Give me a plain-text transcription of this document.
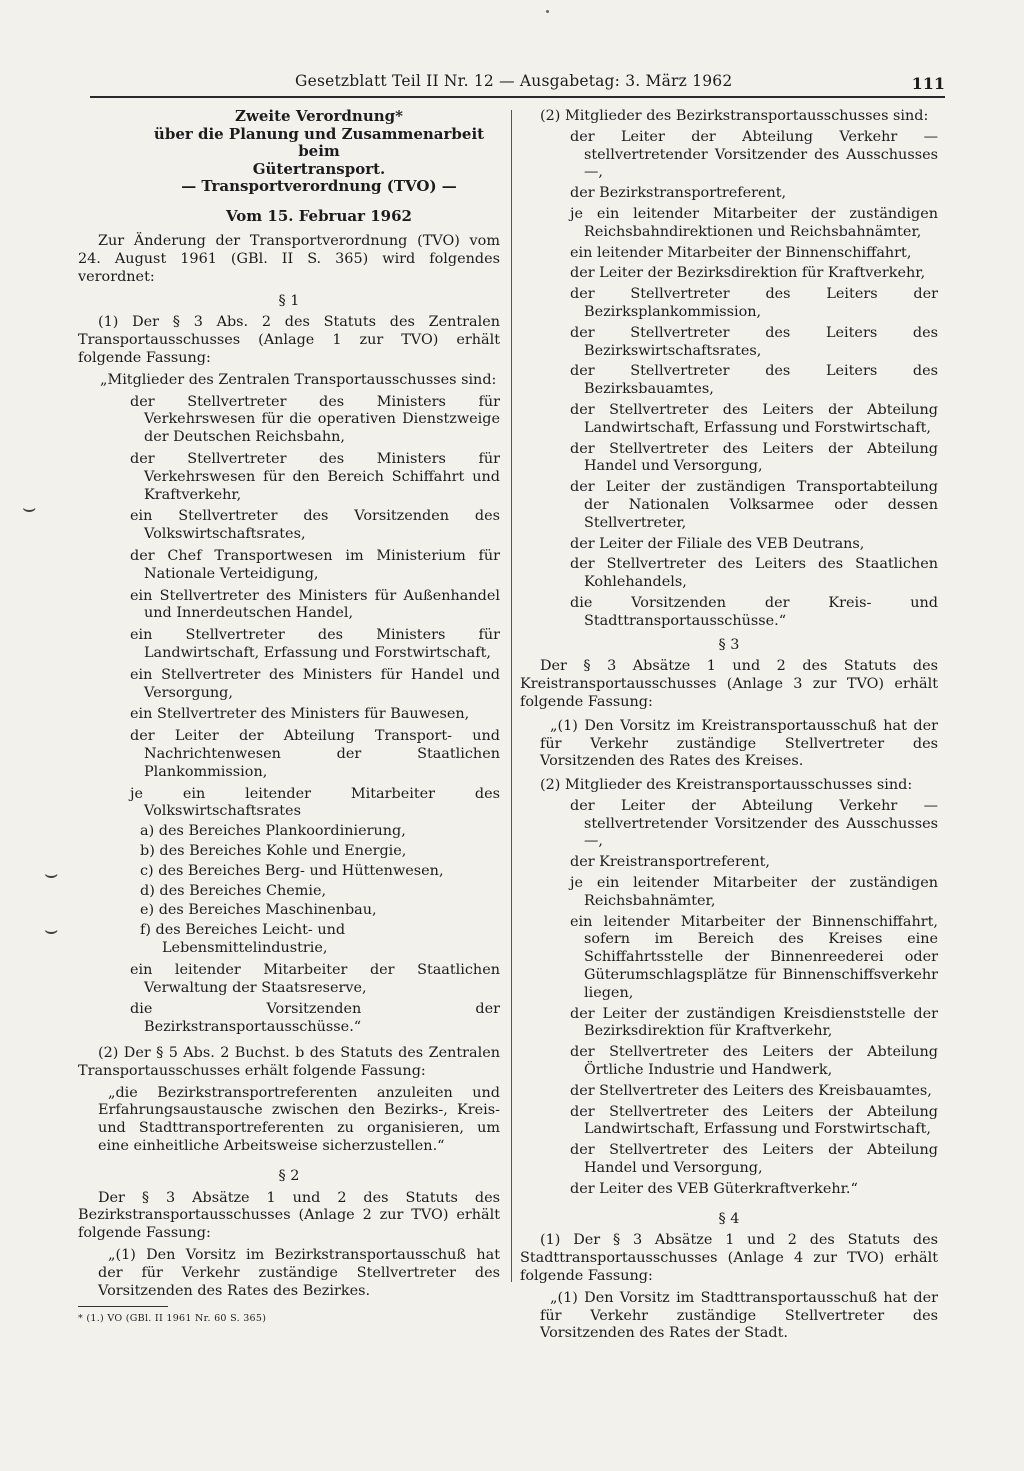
Gesetzblatt Teil II Nr. 12 — Ausgabetag: 3. März 1962	111
Zweite Verordnung*
über die Planung und Zusammenarbeit beim
Gütertransport.
— Transportverordnung (TVO) —

Vom 15. Februar 1962

Zur Änderung der Transportverordnung (TVO) vom 24. August 1961 (GBl. II S. 365) wird folgendes verordnet:

§ 1

(1) Der § 3 Abs. 2 des Statuts des Zentralen Transportausschusses (Anlage 1 zur TVO) erhält folgende Fassung:

„Mitglieder des Zentralen Transportausschusses sind:

der Stellvertreter des Ministers für Verkehrswesen für die operativen Dienstzweige der Deutschen Reichsbahn,

der Stellvertreter des Ministers für Verkehrswesen für den Bereich Schiffahrt und Kraftverkehr,

ein Stellvertreter des Vorsitzenden des Volkswirtschaftsrates,

der Chef Transportwesen im Ministerium für Nationale Verteidigung,

ein Stellvertreter des Ministers für Außenhandel und Innerdeutschen Handel,

ein Stellvertreter des Ministers für Landwirtschaft, Erfassung und Forstwirtschaft,

ein Stellvertreter des Ministers für Handel und Versorgung,

ein Stellvertreter des Ministers für Bauwesen,

der Leiter der Abteilung Transport- und Nachrichtenwesen der Staatlichen Plankommission,

je ein leitender Mitarbeiter des Volkswirtschaftsrates

a) des Bereiches Plankoordinierung,

b) des Bereiches Kohle und Energie,

c) des Bereiches Berg- und Hüttenwesen,

d) des Bereiches Chemie,

e) des Bereiches Maschinenbau,

f) des Bereiches Leicht- und Lebensmittelindustrie,

ein leitender Mitarbeiter der Staatlichen Verwaltung der Staatsreserve,

die Vorsitzenden der Bezirkstransportausschüsse.“

(2) Der § 5 Abs. 2 Buchst. b des Statuts des Zentralen Transportausschusses erhält folgende Fassung:

„die Bezirkstransportreferenten anzuleiten und Erfahrungsaustausche zwischen den Bezirks-, Kreis- und Stadttransportreferenten zu organisieren, um eine einheitliche Arbeitsweise sicherzustellen.“

§ 2

Der § 3 Absätze 1 und 2 des Statuts des Bezirkstransportausschusses (Anlage 2 zur TVO) erhält folgende Fassung:

„(1) Den Vorsitz im Bezirkstransportausschuß hat der für Verkehr zuständige Stellvertreter des Vorsitzenden des Rates des Bezirkes.

* (1.) VO (GBl. II 1961 Nr. 60 S. 365)

(2) Mitglieder des Bezirkstransportausschusses sind:

der Leiter der Abteilung Verkehr — stellvertretender Vorsitzender des Ausschusses —,

der Bezirkstransportreferent,

je ein leitender Mitarbeiter der zuständigen Reichsbahndirektionen und Reichsbahnämter,

ein leitender Mitarbeiter der Binnenschiffahrt,

der Leiter der Bezirksdirektion für Kraftverkehr,

der Stellvertreter des Leiters der Bezirksplankommission,

der Stellvertreter des Leiters des Bezirkswirtschaftsrates,

der Stellvertreter des Leiters des Bezirksbauamtes,

der Stellvertreter des Leiters der Abteilung Landwirtschaft, Erfassung und Forstwirtschaft,

der Stellvertreter des Leiters der Abteilung Handel und Versorgung,

der Leiter der zuständigen Transportabteilung der Nationalen Volksarmee oder dessen Stellvertreter,

der Leiter der Filiale des VEB Deutrans,

der Stellvertreter des Leiters des Staatlichen Kohlehandels,

die Vorsitzenden der Kreis- und Stadttransportausschüsse.“

§ 3

Der § 3 Absätze 1 und 2 des Statuts des Kreistransportausschusses (Anlage 3 zur TVO) erhält folgende Fassung:

„(1) Den Vorsitz im Kreistransportausschuß hat der für Verkehr zuständige Stellvertreter des Vorsitzenden des Rates des Kreises.

(2) Mitglieder des Kreistransportausschusses sind:

der Leiter der Abteilung Verkehr — stellvertretender Vorsitzender des Ausschusses —,

der Kreistransportreferent,

je ein leitender Mitarbeiter der zuständigen Reichsbahnämter,

ein leitender Mitarbeiter der Binnenschiffahrt, sofern im Bereich des Kreises eine Schiffahrtsstelle der Binnenreederei oder Güterumschlagsplätze für Binnenschiffsverkehr liegen,

der Leiter der zuständigen Kreisdienststelle der Bezirksdirektion für Kraftverkehr,

der Stellvertreter des Leiters der Abteilung Örtliche Industrie und Handwerk,

der Stellvertreter des Leiters des Kreisbauamtes,

der Stellvertreter des Leiters der Abteilung Landwirtschaft, Erfassung und Forstwirtschaft,

der Stellvertreter des Leiters der Abteilung Handel und Versorgung,

der Leiter des VEB Güterkraftverkehr.“

§ 4

(1) Der § 3 Absätze 1 und 2 des Statuts des Stadttransportausschusses (Anlage 4 zur TVO) erhält folgende Fassung:

„(1) Den Vorsitz im Stadttransportausschuß hat der für Verkehr zuständige Stellvertreter des Vorsitzenden des Rates der Stadt.

⌣
⌣
⌣
